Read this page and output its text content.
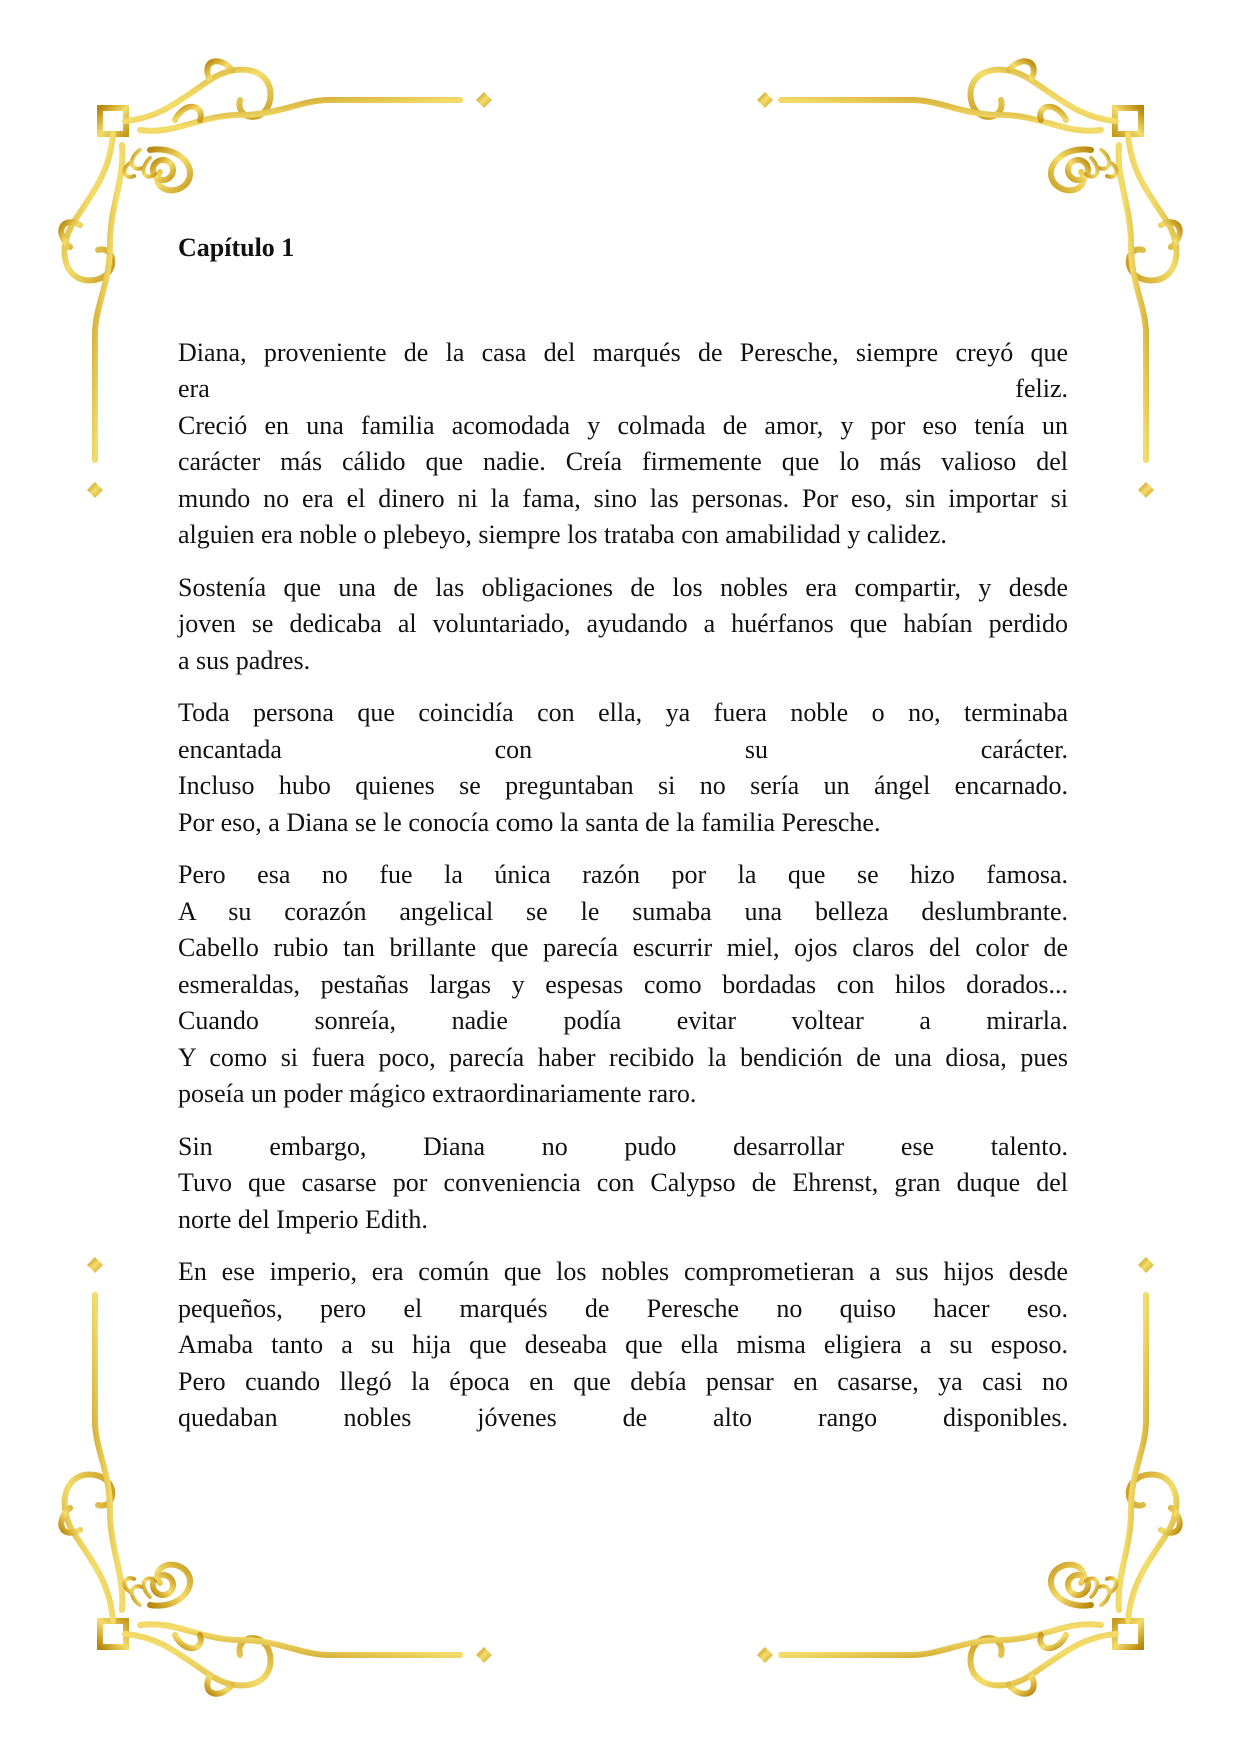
Capítulo 1
Diana, proveniente de la casa del marqués de Peresche, siempre creyó que
era feliz.
Creció en una familia acomodada y colmada de amor, y por eso tenía un
carácter más cálido que nadie. Creía firmemente que lo más valioso del
mundo no era el dinero ni la fama, sino las personas. Por eso, sin importar si
alguien era noble o plebeyo, siempre los trataba con amabilidad y calidez.
Sostenía que una de las obligaciones de los nobles era compartir, y desde
joven se dedicaba al voluntariado, ayudando a huérfanos que habían perdido
a sus padres.
Toda persona que coincidía con ella, ya fuera noble o no, terminaba
encantada con su carácter.
Incluso hubo quienes se preguntaban si no sería un ángel encarnado.
Por eso, a Diana se le conocía como la santa de la familia Peresche.
Pero esa no fue la única razón por la que se hizo famosa.
A su corazón angelical se le sumaba una belleza deslumbrante.
Cabello rubio tan brillante que parecía escurrir miel, ojos claros del color de
esmeraldas, pestañas largas y espesas como bordadas con hilos dorados...
Cuando sonreía, nadie podía evitar voltear a mirarla.
Y como si fuera poco, parecía haber recibido la bendición de una diosa, pues
poseía un poder mágico extraordinariamente raro.
Sin embargo, Diana no pudo desarrollar ese talento.
Tuvo que casarse por conveniencia con Calypso de Ehrenst, gran duque del
norte del Imperio Edith.
En ese imperio, era común que los nobles comprometieran a sus hijos desde
pequeños, pero el marqués de Peresche no quiso hacer eso.
Amaba tanto a su hija que deseaba que ella misma eligiera a su esposo.
Pero cuando llegó la época en que debía pensar en casarse, ya casi no
quedaban nobles jóvenes de alto rango disponibles.
